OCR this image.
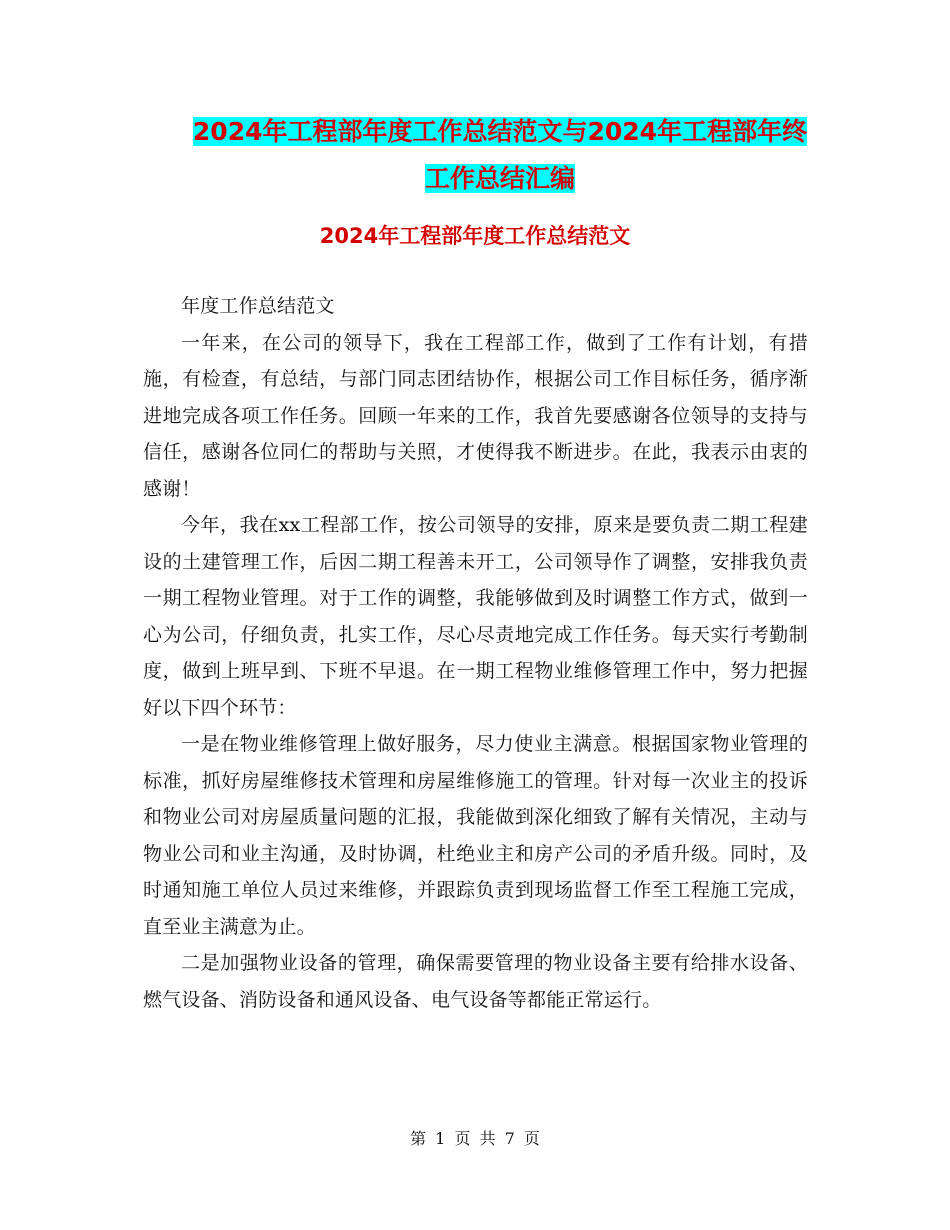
2024年工程部年度工作总结范文与2024年工程部年终
工作总结汇编
2024年工程部年度工作总结范文

年度工作总结范文

一年来，在公司的领导下，我在工程部工作，做到了工作有计划，有措施，有检查，有总结，与部门同志团结协作，根据公司工作目标任务，循序渐进地完成各项工作任务。回顾一年来的工作，我首先要感谢各位领导的支持与信任，感谢各位同仁的帮助与关照，才使得我不断进步。在此，我表示由衷的感谢！

今年，我在xx工程部工作，按公司领导的安排，原来是要负责二期工程建设的土建管理工作，后因二期工程善未开工，公司领导作了调整，安排我负责一期工程物业管理。对于工作的调整，我能够做到及时调整工作方式，做到一心为公司，仔细负责，扎实工作，尽心尽责地完成工作任务。每天实行考勤制度，做到上班早到、下班不早退。在一期工程物业维修管理工作中，努力把握好以下四个环节：

一是在物业维修管理上做好服务，尽力使业主满意。根据国家物业管理的标准，抓好房屋维修技术管理和房屋维修施工的管理。针对每一次业主的投诉和物业公司对房屋质量问题的汇报，我能做到深化细致了解有关情况，主动与物业公司和业主沟通，及时协调，杜绝业主和房产公司的矛盾升级。同时，及时通知施工单位人员过来维修，并跟踪负责到现场监督工作至工程施工完成，直至业主满意为止。

二是加强物业设备的管理，确保需要管理的物业设备主要有给排水设备、燃气设备、消防设备和通风设备、电气设备等都能正常运行。

第 1 页 共 7 页
